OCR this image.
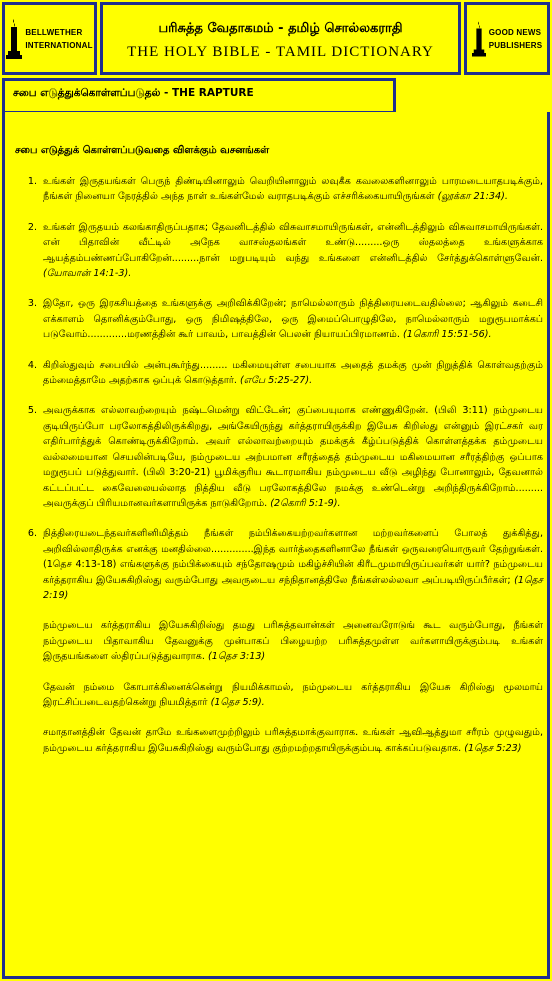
BELLWETHER
INTERNATIONAL
பரிசுத்த வேதாகமம் - தமிழ் சொல்லகராதி
THE HOLY BIBLE - TAMIL DICTIONARY
GOOD NEWS
PUBLISHERS
சபை எடுத்துக்கொள்ளப்படுதல் - THE RAPTURE
சபை எடுத்துக் கொள்ளப்படுவதை விளக்கும் வசனங்கள்
1. உங்கள் இருதயங்கள் பெருந் திண்டியினாலும் வெறியினாலும் லவுகீக கவலைகளினாலும் பாரமடையாதபடிக்கும், நீங்கள் நினையா நேரத்தில் அந்த நாள் உங்கள்மேல் வராதபடிக்கும் எச்சரிக்கையாயிருங்கள் (லூக்கா 21:34).
2. உங்கள் இருதயம் கலங்காதிருப்பதாக; தேவனிடத்தில் விசுவாசமாயிருங்கள், என்னிடத்திலும் விசுவாசமாயிருங்கள். என் பிதாவின் வீட்டில் அநேக வாசஸ்தலங்கள் உண்டு.........ஒரு ஸ்தலத்தை உங்களுக்காக ஆயத்தம்பண்ணப்போகிறேன்.........நான் மறுபடியும் வந்து உங்களை என்னிடத்தில் சேர்த்துக்கொள்ளுவேன். (யோவான் 14:1-3).
3. இதோ, ஒரு இரகசியத்தை உங்களுக்கு அறிவிக்கிறேன்; நாமெல்லாரும் நித்திரையடைவதில்லை; ஆகிலும் கடைசி எக்காளம் தொனிக்கும்போது, ஒரு நிமிஷத்திலே, ஒரு இமைப்பொழுதிலே, நாமெல்லாரும் மறுரூபமாக்கப் படுவோம்.............மரணத்தின் கூர் பாவம், பாவத்தின் பெலன் நியாயப்பிரமாணம். (1கொரி 15:51-56).
4. கிறிஸ்துவும் சபையில் அன்புகூர்ந்து......... மகிமையுள்ள சபையாக அதைத் தமக்கு முன் நிறுத்திக் கொள்வதற்கும் தம்மைத்தாமே அதற்காக ஒப்புக் கொடுத்தார். (எபே 5:25-27).
5. அவருக்காக எல்லாவற்றையும் நஷ்டமென்று விட்டேன்; குப்பையுமாக எண்ணுகிறேன். (பிலி 3:11) நம்முடைய குடியிருப்போ பரலோகத்திலிருக்கிறது, அங்கேயிருந்து கர்த்தராயிருக்கிற இயேசு கிறிஸ்து என்னும் இரட்சகர் வர எதிர்பார்த்துக் கொண்டிருக்கிறோம். அவர் எல்லாவற்றையும் தமக்குக் கீழ்ப்படுத்திக் கொள்ளத்தக்க தம்முடைய வல்லமையான செயலின்படியே, நம்முடைய அற்பமான சரீரத்தைத் தம்முடைய மகிமையான சரீரத்திற்கு ஒப்பாக மறுரூபப் படுத்துவார். (பிலி 3:20-21) பூமிக்குரிய கூடாரமாகிய நம்முடைய வீடு அழிந்து போனாலும், தேவனால் கட்டப்பட்ட கைவேலையல்லாத நித்திய வீடு பரலோகத்திலே நமக்கு உண்டென்று அறிந்திருக்கிறோம்......... அவருக்குப் பிரியமானவர்களாயிருக்க நாடுகிறோம். (2கொரி 5:1-9).
6. நித்திரையடைந்தவர்களினிமித்தம் நீங்கள் நம்பிக்கையற்றவர்களான மற்றவர்களைப் போலத் துக்கித்து, அறிவில்லாதிருக்க எனக்கு மனதில்லை..............இந்த வார்த்தைகளினாலே நீங்கள் ஒருவரையொருவர் தேற்றுங்கள். (1தெச 4:13-18) எங்களுக்கு நம்பிக்கையும் சந்தோஷமும் மகிழ்ச்சியின் கிரீடமுமாயிருப்பவர்கள் யார்? நம்முடைய கர்த்தராகிய இயேசுகிறிஸ்து வரும்போது அவருடைய சந்நிதானத்திலே நீங்கள்லல்லவா அப்படியிருப்பீர்கள்; (1தெச 2:19)
நம்முடைய கர்த்தராகிய இயேசுகிறிஸ்து தமது பரிசுத்தவான்கள் அனைவரோடுங் கூட வரும்போது, நீங்கள் நம்முடைய பிதாவாகிய தேவனுக்கு முன்பாகப் பிழையற்ற பரிசுத்தமுள்ள வர்களாயிருக்கும்படி உங்கள் இருதயங்களை ஸ்திரப்படுத்துவாராக. (1தெச 3:13)
தேவன் நம்மை கோபாக்கினைக்கென்று நியமிக்காமல், நம்முடைய கர்த்தராகிய இயேசு கிறிஸ்து மூலமாய் இரட்சிப்படைவதற்கென்று நியமித்தார் (1தெச 5:9).
சமாதானத்தின் தேவன் தாமே உங்களைமுற்றிலும் பரிசுத்தமாக்குவாராக. உங்கள் ஆவிஆத்துமா சரீரம் முழுவதும், நம்முடைய கர்த்தராகிய இயேசுகிறிஸ்து வரும்போது குற்றமற்றதாயிருக்கும்படி காக்கப்படுவதாக. (1தெச 5:23)
